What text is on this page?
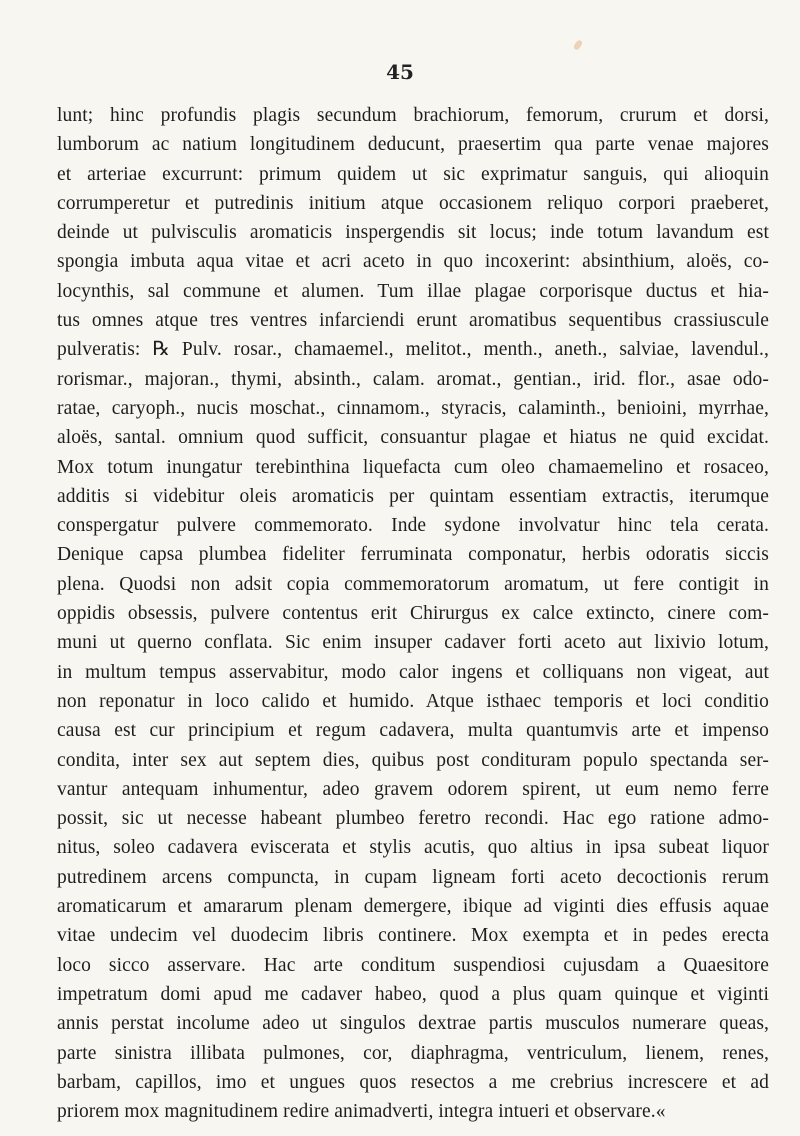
45
lunt; hinc profundis plagis secundum brachiorum, femorum, crurum et dorsi,
lumborum ac natium longitudinem deducunt, praesertim qua parte venae majores
et arteriae excurrunt: primum quidem ut sic exprimatur sanguis, qui alioquin
corrumperetur et putredinis initium atque occasionem reliquo corpori praeberet,
deinde ut pulvisculis aromaticis inspergendis sit locus; inde totum lavandum est
spongia imbuta aqua vitae et acri aceto in quo incoxerint: absinthium, aloës, co-
locynthis, sal commune et alumen. Tum illae plagae corporisque ductus et hia-
tus omnes atque tres ventres infarciendi erunt aromatibus sequentibus crassiuscule
pulveratis: ℞ Pulv. rosar., chamaemel., melitot., menth., aneth., salviae, lavendul.,
rorismar., majoran., thymi, absinth., calam. aromat., gentian., irid. flor., asae odo-
ratae, caryoph., nucis moschat., cinnamom., styracis, calaminth., benioini, myrrhae,
aloës, santal. omnium quod sufficit, consuantur plagae et hiatus ne quid excidat.
Mox totum inungatur terebinthina liquefacta cum oleo chamaemelino et rosaceo,
additis si videbitur oleis aromaticis per quintam essentiam extractis, iterumque
conspergatur pulvere commemorato. Inde sydone involvatur hinc tela cerata.
Denique capsa plumbea fideliter ferruminata componatur, herbis odoratis siccis
plena. Quodsi non adsit copia commemoratorum aromatum, ut fere contigit in
oppidis obsessis, pulvere contentus erit Chirurgus ex calce extincto, cinere com-
muni ut querno conflata. Sic enim insuper cadaver forti aceto aut lixivio lotum,
in multum tempus asservabitur, modo calor ingens et colliquans non vigeat, aut
non reponatur in loco calido et humido. Atque isthaec temporis et loci conditio
causa est cur principium et regum cadavera, multa quantumvis arte et impenso
condita, inter sex aut septem dies, quibus post condituram populo spectanda ser-
vantur antequam inhumentur, adeo gravem odorem spirent, ut eum nemo ferre
possit, sic ut necesse habeant plumbeo feretro recondi. Hac ego ratione admo-
nitus, soleo cadavera eviscerata et stylis acutis, quo altius in ipsa subeat liquor
putredinem arcens compuncta, in cupam ligneam forti aceto decoctionis rerum
aromaticarum et amararum plenam demergere, ibique ad viginti dies effusis aquae
vitae undecim vel duodecim libris continere. Mox exempta et in pedes erecta
loco sicco asservare. Hac arte conditum suspendiosi cujusdam a Quaesitore
impetratum domi apud me cadaver habeo, quod a plus quam quinque et viginti
annis perstat incolume adeo ut singulos dextrae partis musculos numerare queas,
parte sinistra illibata pulmones, cor, diaphragma, ventriculum, lienem, renes,
barbam, capillos, imo et ungues quos resectos a me crebrius increscere et ad
priorem mox magnitudinem redire animadverti, integra intueri et observare.«
